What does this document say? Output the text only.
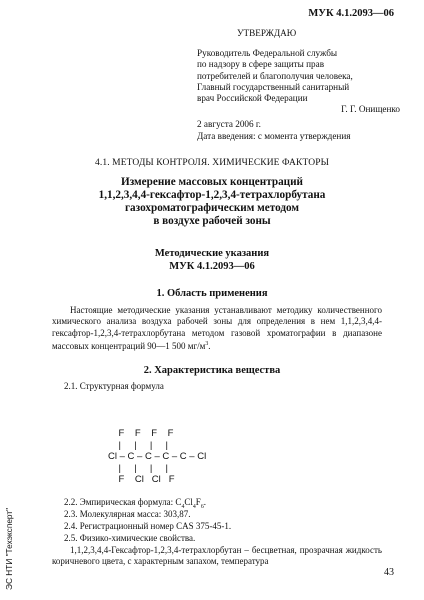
МУК 4.1.2093—06
УТВЕРЖДАЮ
Руководитель Федеральной службы
по надзору в сфере защиты прав
потребителей и благополучия человека,
Главный государственный санитарный
врач Российской Федерации
Г. Г. Онищенко
2 августа 2006 г.
Дата введения: с момента утверждения
4.1. МЕТОДЫ КОНТРОЛЯ. ХИМИЧЕСКИЕ ФАКТОРЫ
Измерение массовых концентраций
1,1,2,3,4,4-гексафтор-1,2,3,4-тетрахлорбутана
газохроматографическим методом
в воздухе рабочей зоны
Методические указания
МУК 4.1.2093—06
1. Область применения
Настоящие методические указания устанавливают методику количественного химического анализа воздуха рабочей зоны для определения в нем 1,1,2,3,4,4-гексафтор-1,2,3,4-тетрахлорбутана методом газовой хроматографии в диапазоне массовых концентраций 90—1 500 $мг/м^3$.
2. Характеристика вещества
2.1. Структурная формула
F    F    F    F
|     |     |     |
Cl – C – C – C – C – Cl
|     |     |     |
F    Cl   Cl   F
2.2. Эмпирическая формула: $C_4Cl_4F_6$.
2.3. Молекулярная масса: 303,87.
2.4. Регистрационный номер CAS 375-45-1.
2.5. Физико-химические свойства.
1,1,2,3,4,4-Гексафтор-1,2,3,4-тетрахлорбутан – бесцветная, прозрачная жидкость коричневого цвета, с характерным запахом, температура
ЭС НТИ "Техэксперт"	43
